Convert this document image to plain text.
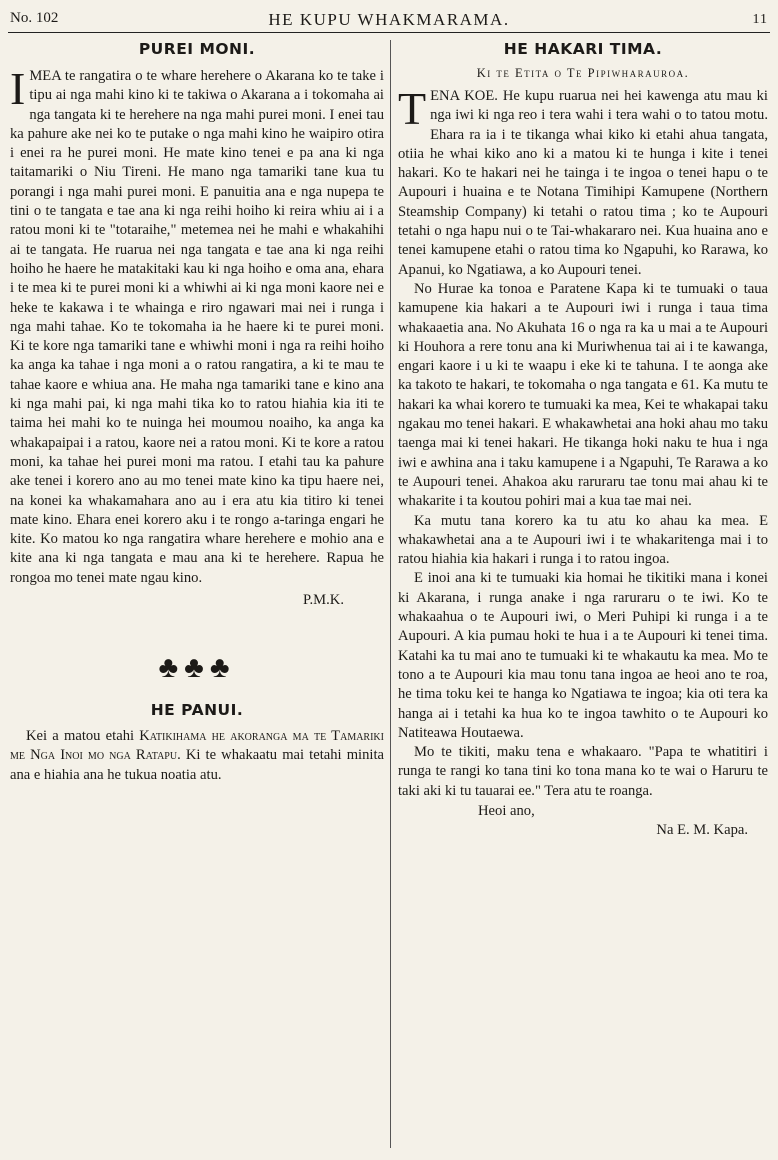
No. 102	HE KUPU WHAKMARAMA.	11
PUREI MONI.

IMEA te rangatira o te whare herehere o Akarana ko te take i tipu ai nga mahi kino ki te takiwa o Akarana a i tokomaha ai nga tangata ki te herehere na nga mahi purei moni. I enei tau ka pahure ake nei ko te putake o nga mahi kino he waipiro otira i enei ra he purei moni. He mate kino tenei e pa ana ki nga taitamariki o Niu Tireni. He mano nga tamariki tane kua tu porangi i nga mahi purei moni. E panuitia ana e nga nupepa te tini o te tangata e tae ana ki nga reihi hoiho ki reira whiu ai i a ratou moni ki te "totaraihe," metemea nei he mahi e whakahihi ai te tangata. He ruarua nei nga tangata e tae ana ki nga reihi hoiho he haere he matakitaki kau ki nga hoiho e oma ana, ehara i te mea ki te purei moni ki a whiwhi ai ki nga moni kaore nei e heke te kakawa i te whainga e riro ngawari mai nei i runga i nga mahi tahae. Ko te tokomaha ia he haere ki te purei moni. Ki te kore nga tamariki tane e whiwhi moni i nga ra reihi hoiho ka anga ka tahae i nga moni a o ratou rangatira, a ki te mau te tahae kaore e whiua ana. He maha nga tamariki tane e kino ana ki nga mahi pai, ki nga mahi tika ko to ratou hiahia kia iti te taima hei mahi ko te nuinga hei moumou noaiho, ka anga ka whakapaipai i a ratou, kaore nei a ratou moni. Ki te kore a ratou moni, ka tahae hei purei moni ma ratou. I etahi tau ka pahure ake tenei i korero ano au mo tenei mate kino ka tipu haere nei, na konei ka whakamahara ano au i era atu kia titiro ki tenei mate kino. Ehara enei korero aku i te rongo a-taringa engari he kite. Ko matou ko nga rangatira whare herehere e mohio ana e kite ana ki nga tangata e mau ana ki te herehere. Rapua he rongoa mo tenei mate ngau kino.

P.M.K.
♣♣♣
HE PANUI.

Kei a matou etahi Katikihama he akoranga ma te Tamariki me Nga Inoi mo nga Ratapu. Ki te whakaatu mai tetahi minita ana e hiahia ana he tukua noatia atu.

HE HAKARI TIMA.
Ki te Etita o Te Pipiwharauroa.

TENA KOE. He kupu ruarua nei hei kawenga atu mau ki nga iwi ki nga reo i tera wahi i tera wahi o to tatou motu. Ehara ra ia i te tikanga whai kiko ki etahi ahua tangata, otiia he whai kiko ano ki a matou ki te hunga i kite i tenei hakari. Ko te hakari nei he tainga i te ingoa o tenei hapu o te Aupouri i huaina e te Notana Timihipi Kamupene (Northern Steamship Company) ki tetahi o ratou tima ; ko te Aupouri tetahi o nga hapu nui o te Tai-whakararo nei. Kua huaina ano e tenei kamupene etahi o ratou tima ko Ngapuhi, ko Rarawa, ko Apanui, ko Ngatiawa, a ko Aupouri tenei.

No Hurae ka tonoa e Paratene Kapa ki te tumuaki o taua kamupene kia hakari a te Aupouri iwi i runga i taua tima whakaaetia ana. No Akuhata 16 o nga ra ka u mai a te Aupouri ki Houhora a rere tonu ana ki Muriwhenua tai ai i te kawanga, engari kaore i u ki te waapu i eke ki te tahuna. I te aonga ake ka takoto te hakari, te tokomaha o nga tangata e 61. Ka mutu te hakari ka whai korero te tumuaki ka mea, Kei te whakapai taku ngakau mo tenei hakari. E whakawhetai ana hoki ahau mo taku taenga mai ki tenei hakari. He tikanga hoki naku te hua i nga iwi e awhina ana i taku kamupene i a Ngapuhi, Te Rarawa a ko te Aupouri tenei. Ahakoa aku raruraru tae tonu mai ahau ki te whakarite i ta koutou pohiri mai a kua tae mai nei.

Ka mutu tana korero ka tu atu ko ahau ka mea. E whakawhetai ana a te Aupouri iwi i te whakaritenga mai i to ratou hiahia kia hakari i runga i to ratou ingoa.

E inoi ana ki te tumuaki kia homai he tikitiki mana i konei ki Akarana, i runga anake i nga raruraru o te iwi. Ko te whakaahua o te Aupouri iwi, o Meri Puhipi ki runga i a te Aupouri. A kia pumau hoki te hua i a te Aupouri ki tenei tima. Katahi ka tu mai ano te tumuaki ki te whakautu ka mea. Mo te tono a te Aupouri kia mau tonu tana ingoa ae heoi ano te roa, he tima toku kei te hanga ko Ngatiawa te ingoa; kia oti tera ka hanga ai i tetahi ka hua ko te ingoa tawhito o te Aupouri ko Natiteawa Houtaewa.

Mo te tikiti, maku tena e whakaaro. "Papa te whatitiri i runga te rangi ko tana tini ko tona mana ko te wai o Haruru te taki aki ki tu tauarai ee." Tera atu te roanga.

Heoi ano,
Na E. M. Kapa.
